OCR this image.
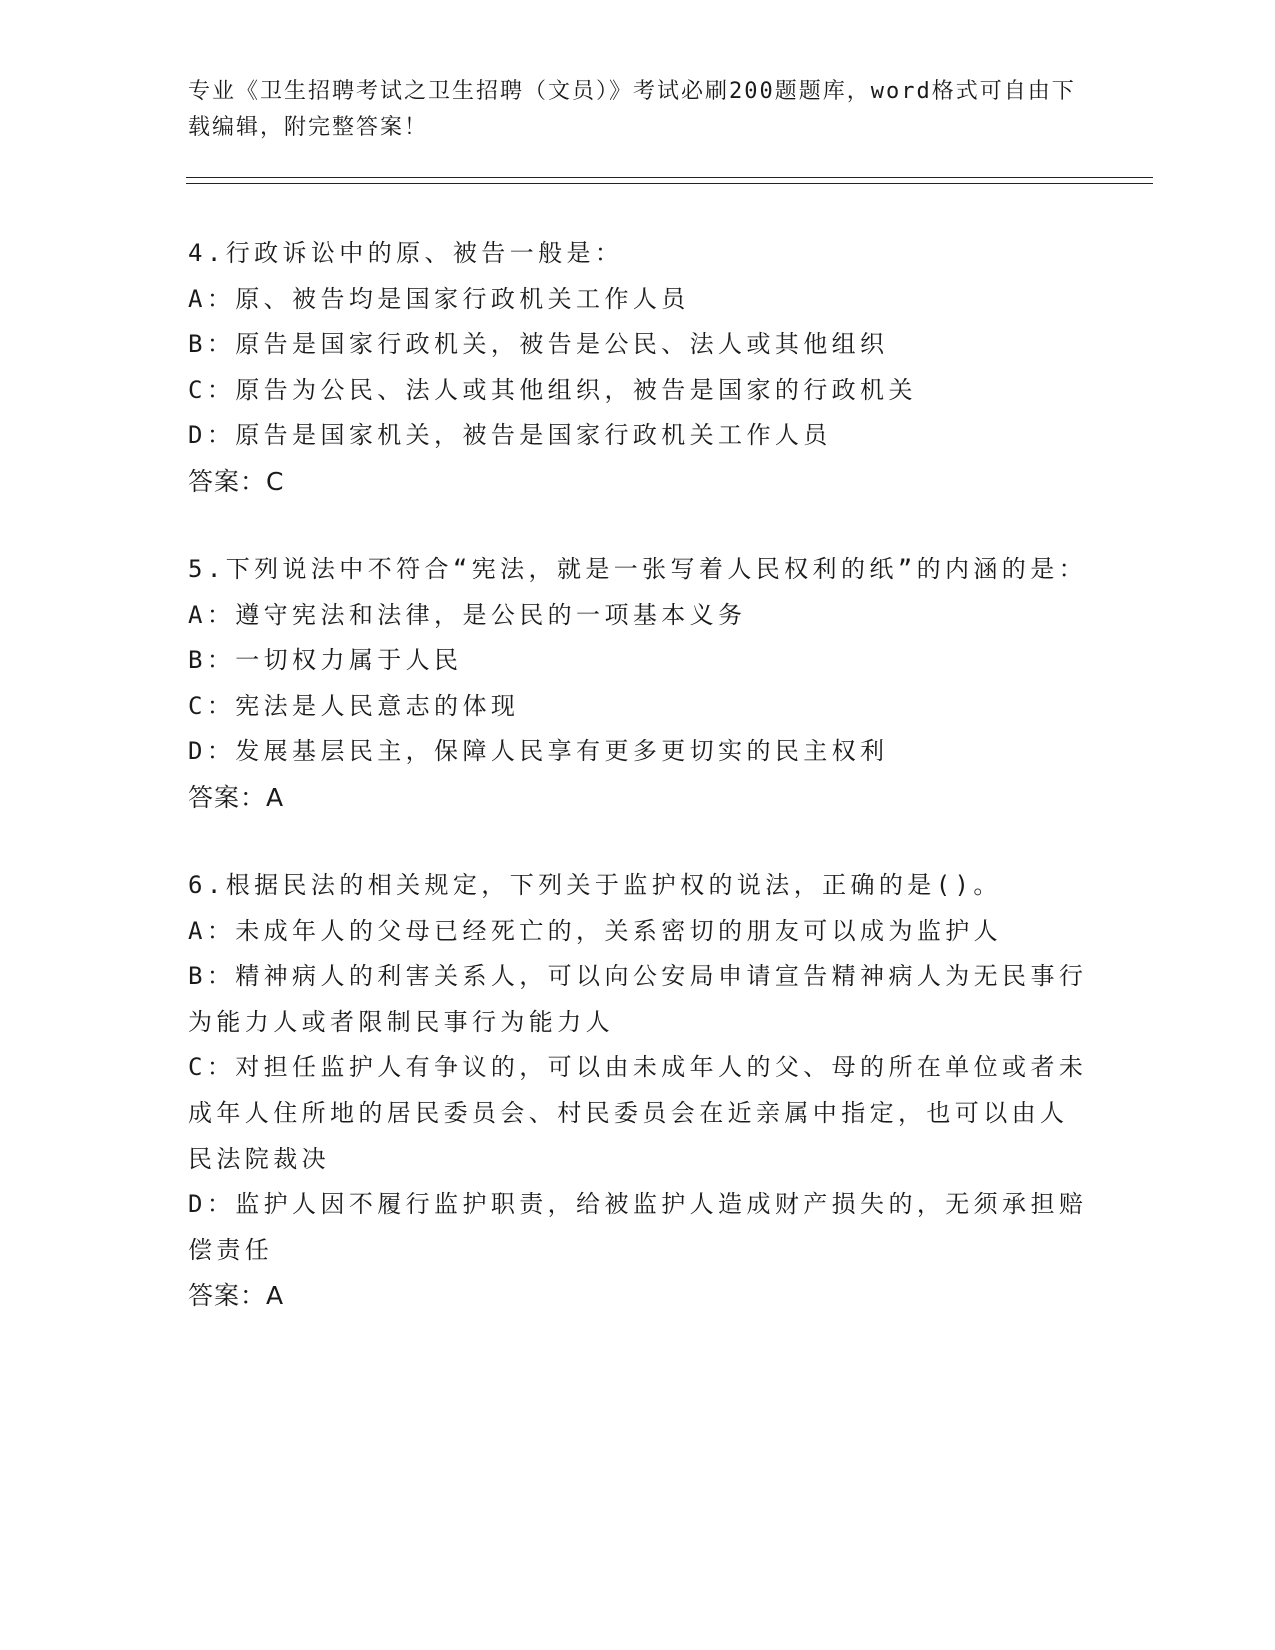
专业《卫生招聘考试之卫生招聘（文员）》考试必刷200题题库，word格式可自由下载编辑，附完整答案！
4.行政诉讼中的原、被告一般是：
A：原、被告均是国家行政机关工作人员
B：原告是国家行政机关，被告是公民、法人或其他组织
C：原告为公民、法人或其他组织，被告是国家的行政机关
D：原告是国家机关，被告是国家行政机关工作人员
答案：C
5.下列说法中不符合“宪法，就是一张写着人民权利的纸”的内涵的是：
A：遵守宪法和法律，是公民的一项基本义务
B：一切权力属于人民
C：宪法是人民意志的体现
D：发展基层民主，保障人民享有更多更切实的民主权利
答案：A
6.根据民法的相关规定，下列关于监护权的说法，正确的是()。
A：未成年人的父母已经死亡的，关系密切的朋友可以成为监护人
B：精神病人的利害关系人，可以向公安局申请宣告精神病人为无民事行为能力人或者限制民事行为能力人
C：对担任监护人有争议的，可以由未成年人的父、母的所在单位或者未成年人住所地的居民委员会、村民委员会在近亲属中指定，也可以由人民法院裁决
D：监护人因不履行监护职责，给被监护人造成财产损失的，无须承担赔偿责任
答案：A
